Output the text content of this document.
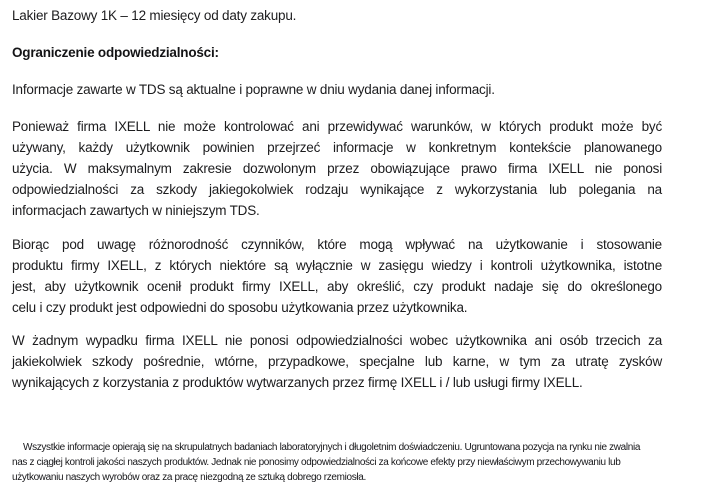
Lakier Bazowy 1K – 12 miesięcy od daty zakupu.
Ograniczenie odpowiedzialności:
Informacje zawarte w TDS są aktualne i poprawne w dniu wydania danej informacji.
Ponieważ firma IXELL nie może kontrolować ani przewidywać warunków, w których produkt może być
używany, każdy użytkownik powinien przejrzeć informacje w konkretnym kontekście planowanego
użycia. W maksymalnym zakresie dozwolonym przez obowiązujące prawo firma IXELL nie ponosi
odpowiedzialności za szkody jakiegokolwiek rodzaju wynikające z wykorzystania lub polegania na
informacjach zawartych w niniejszym TDS.
Biorąc pod uwagę różnorodność czynników, które mogą wpływać na użytkowanie i stosowanie
produktu firmy IXELL, z których niektóre są wyłącznie w zasięgu wiedzy i kontroli użytkownika, istotne
jest, aby użytkownik ocenił produkt firmy IXELL, aby określić, czy produkt nadaje się do określonego
celu i czy produkt jest odpowiedni do sposobu użytkowania przez użytkownika.
W żadnym wypadku firma IXELL nie ponosi odpowiedzialności wobec użytkownika ani osób trzecich za
jakiekolwiek szkody pośrednie, wtórne, przypadkowe, specjalne lub karne, w tym za utratę zysków
wynikających z korzystania z produktów wytwarzanych przez firmę IXELL i / lub usługi firmy IXELL.
Wszystkie informacje opierają się na skrupulatnych badaniach laboratoryjnych i długoletnim doświadczeniu. Ugruntowana pozycja na rynku nie zwalnia
nas z ciągłej kontroli jakości naszych produktów. Jednak nie ponosimy odpowiedzialności za końcowe efekty przy niewłaściwym przechowywaniu lub
użytkowaniu naszych wyrobów oraz za pracę niezgodną ze sztuką dobrego rzemiosła.
